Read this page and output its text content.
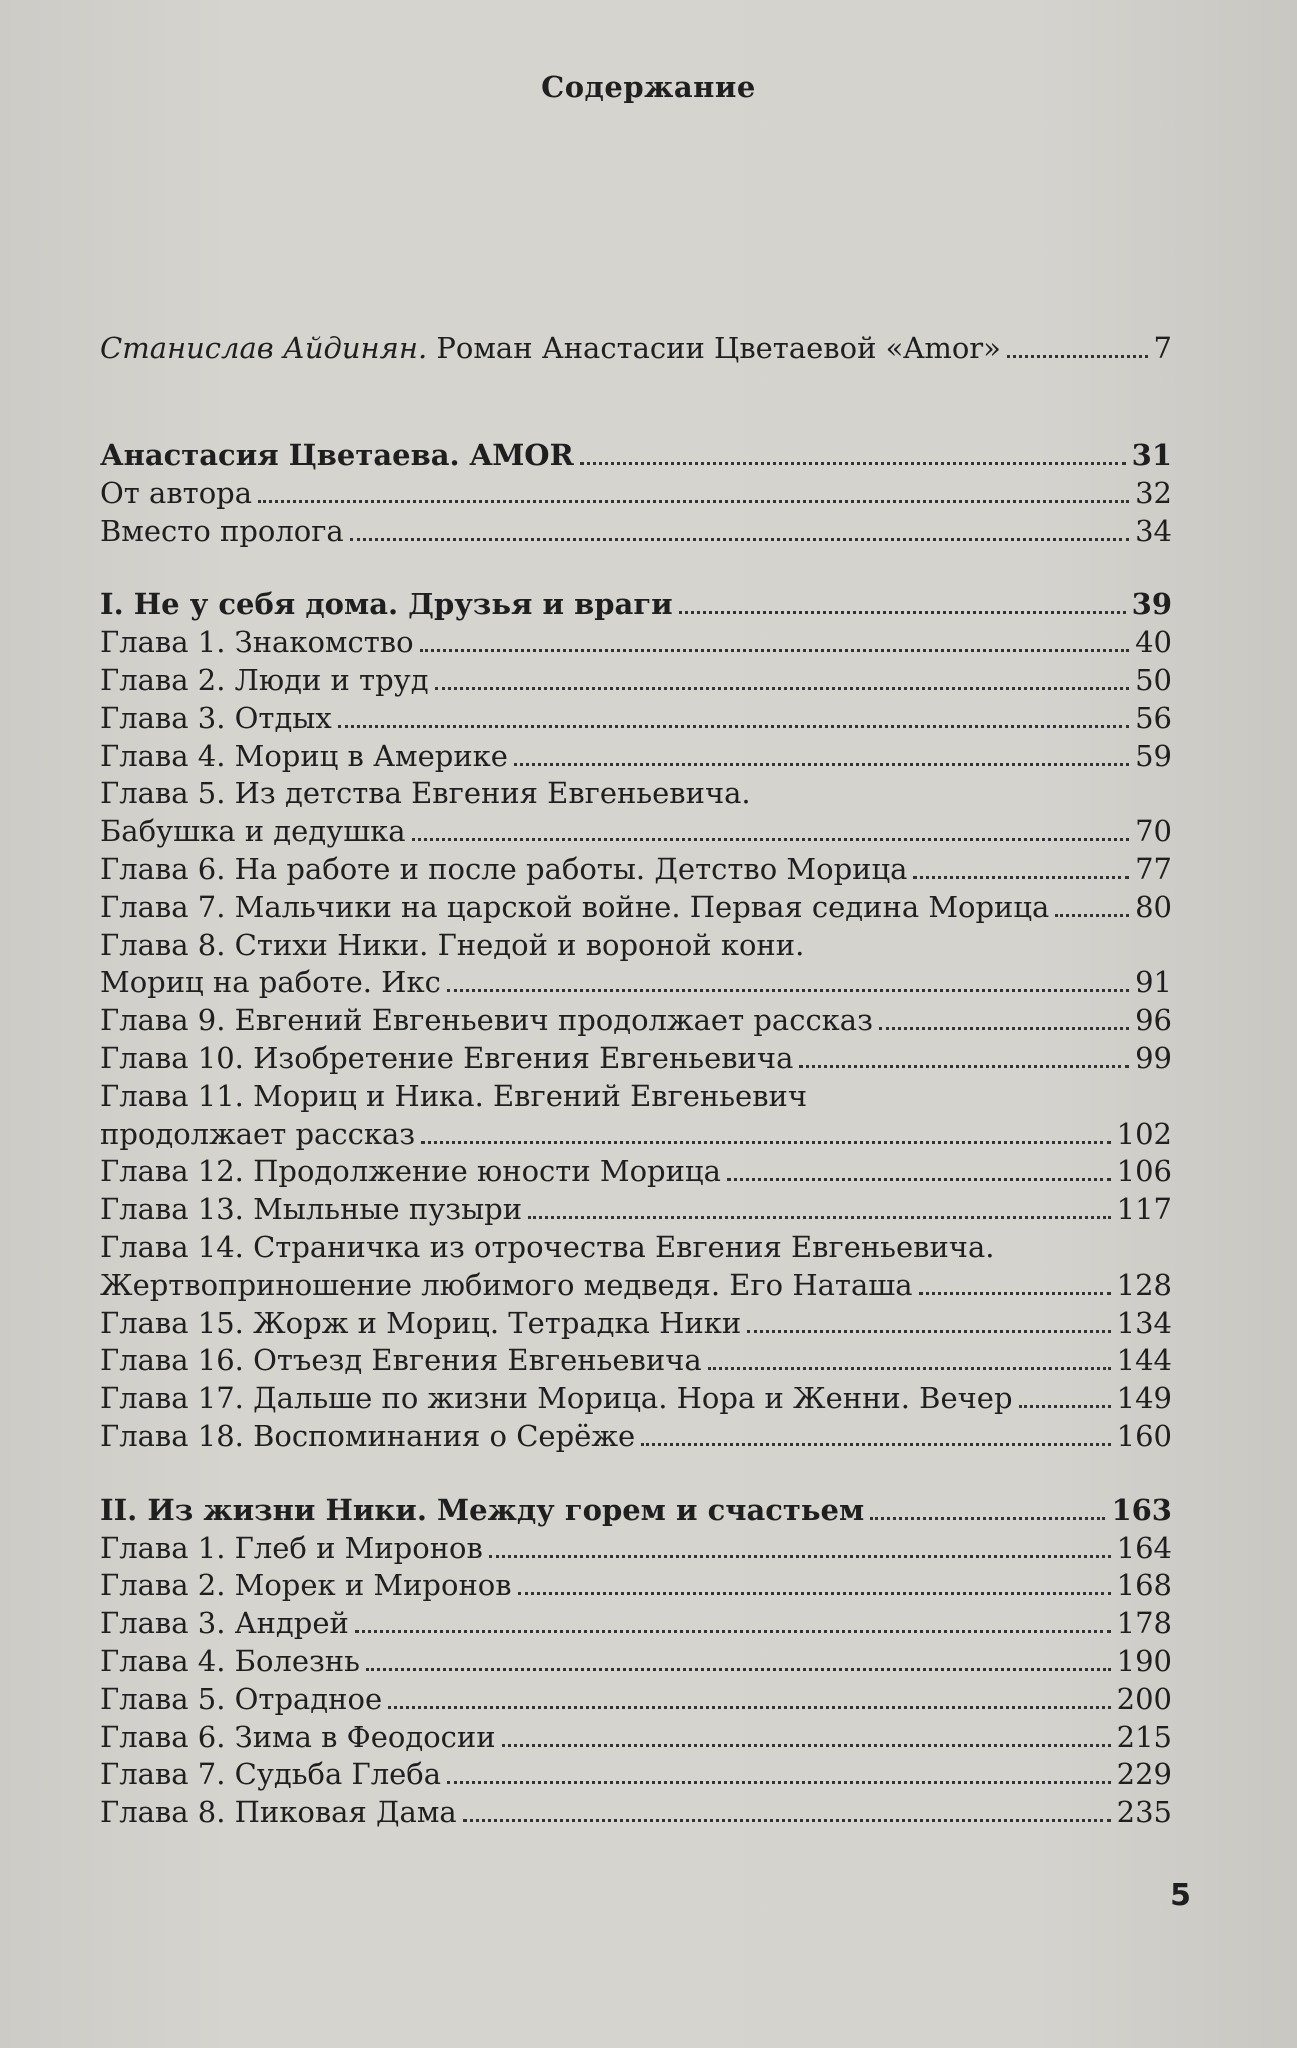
Содержание
Станислав Айдинян. Роман Анастасии Цветаевой «Amor»	7
Анастасия Цветаева. AMOR	31
От автора	32
Вместо пролога	34
I. Не у себя дома. Друзья и враги	39
Глава 1. Знакомство	40
Глава 2. Люди и труд	50
Глава 3. Отдых	56
Глава 4. Мориц в Америке	59
Глава 5. Из детства Евгения Евгеньевича.
Бабушка и дедушка	70
Глава 6. На работе и после работы. Детство Морица	77
Глава 7. Мальчики на царской войне. Первая седина Морица	80
Глава 8. Стихи Ники. Гнедой и вороной кони.
Мориц на работе. Икс	91
Глава 9. Евгений Евгеньевич продолжает рассказ	96
Глава 10. Изобретение Евгения Евгеньевича	99
Глава 11. Мориц и Ника. Евгений Евгеньевич
продолжает рассказ	102
Глава 12. Продолжение юности Морица	106
Глава 13. Мыльные пузыри	117
Глава 14. Страничка из отрочества Евгения Евгеньевича.
Жертвоприношение любимого медведя. Его Наташа	128
Глава 15. Жорж и Мориц. Тетрадка Ники	134
Глава 16. Отъезд Евгения Евгеньевича	144
Глава 17. Дальше по жизни Морица. Нора и Женни. Вечер	149
Глава 18. Воспоминания о Серёже	160
II. Из жизни Ники. Между горем и счастьем	163
Глава 1. Глеб и Миронов	164
Глава 2. Морек и Миронов	168
Глава 3. Андрей	178
Глава 4. Болезнь	190
Глава 5. Отрадное	200
Глава 6. Зима в Феодосии	215
Глава 7. Судьба Глеба	229
Глава 8. Пиковая Дама	235
5
